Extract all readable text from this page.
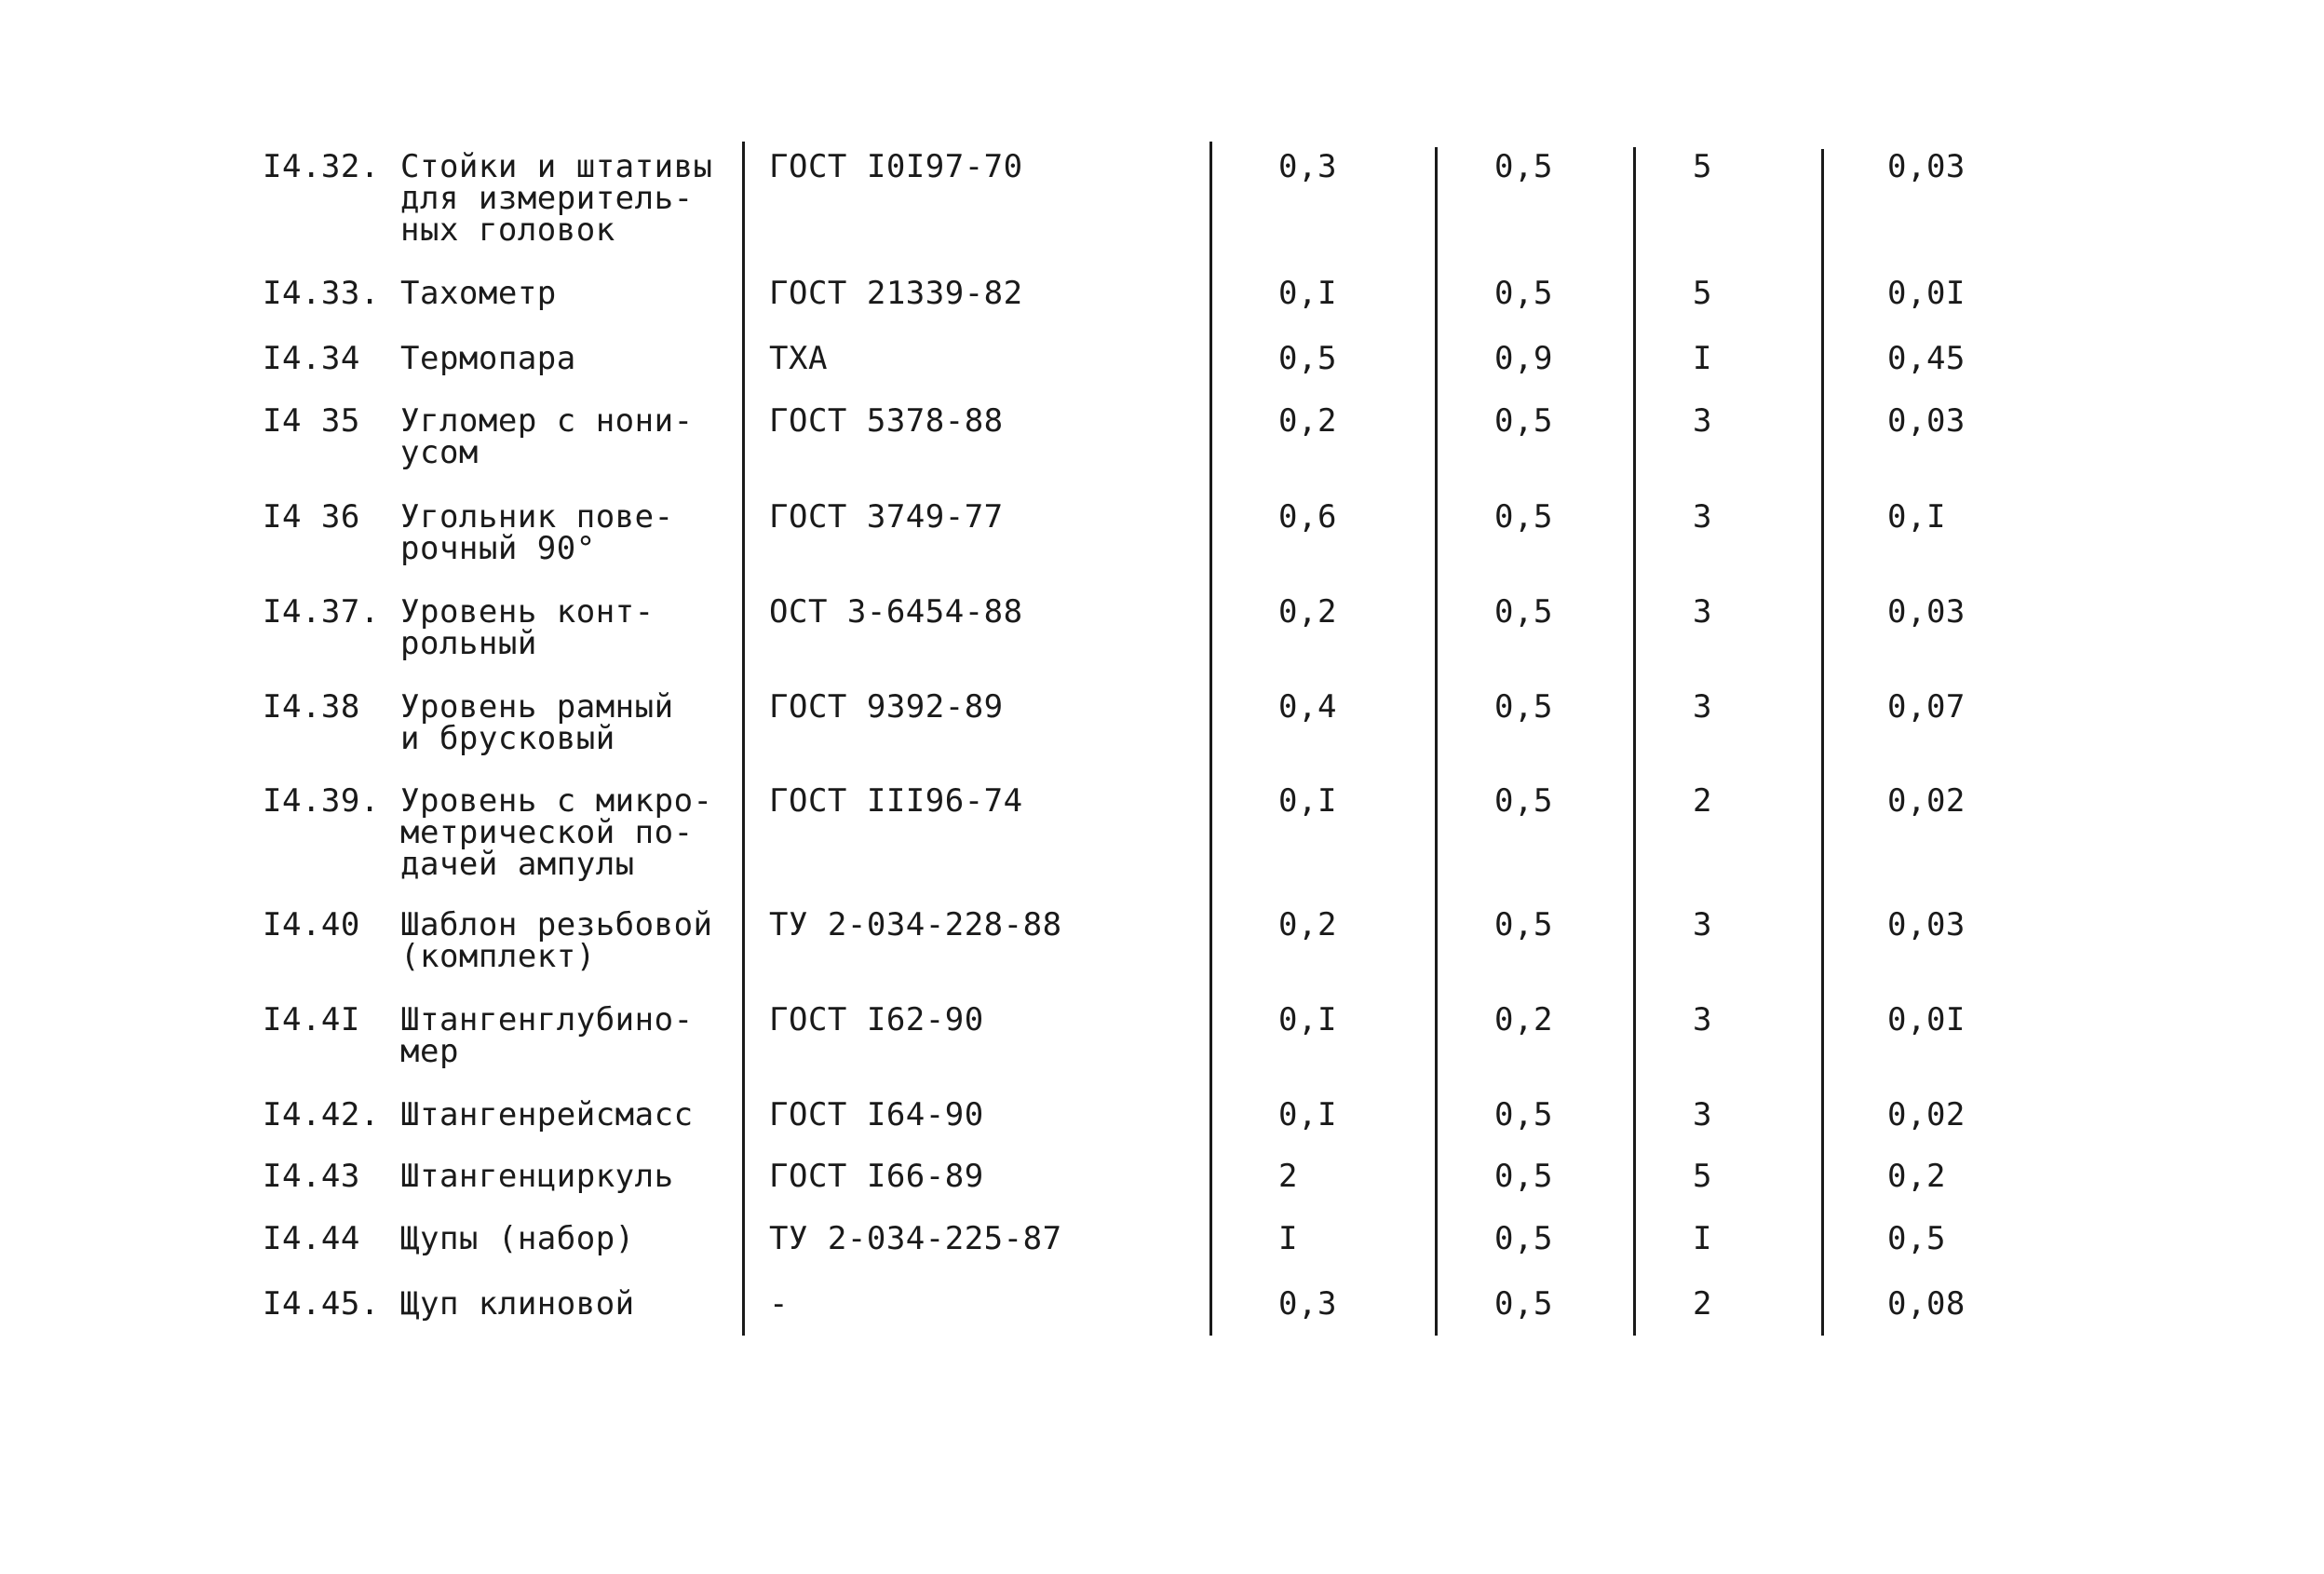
I4.32. Стойки и штативы
для измеритель-
ных головок
ГОСТ I0I97-70	0,3	0,5	5	0,03
I4.33. Тахометр	ГОСТ 21339-82	0,I	0,5	5	0,0I
I4.34 Термопара	ТХА	0,5	0,9	I	0,45
I4 35 Угломер с нони-
усом
ГОСТ 5378-88	0,2	0,5	3	0,03
I4 36 Угольник пове-
рочный 90°
ГОСТ 3749-77	0,6	0,5	3	0,I
I4.37. Уровень конт-
рольный
ОСТ 3-6454-88	0,2	0,5	3	0,03
I4.38 Уровень рамный
и брусковый
ГОСТ 9392-89	0,4	0,5	3	0,07
I4.39. Уровень с микро-
метрической по-
дачей ампулы
ГОСТ III96-74	0,I	0,5	2	0,02
I4.40 Шаблон резьбовой
(комплект)
ТУ 2-034-228-88	0,2	0,5	3	0,03
I4.4I Штангенглубино-
мер
ГОСТ I62-90	0,I	0,2	3	0,0I
I4.42. Штангенрейсмасс	ГОСТ I64-90	0,I	0,5	3	0,02
I4.43 Штангенциркуль	ГОСТ I66-89	2	0,5	5	0,2
I4.44 Щупы (набор)	ТУ 2-034-225-87	I	0,5	I	0,5
I4.45. Щуп клиновой	-	0,3	0,5	2	0,08
